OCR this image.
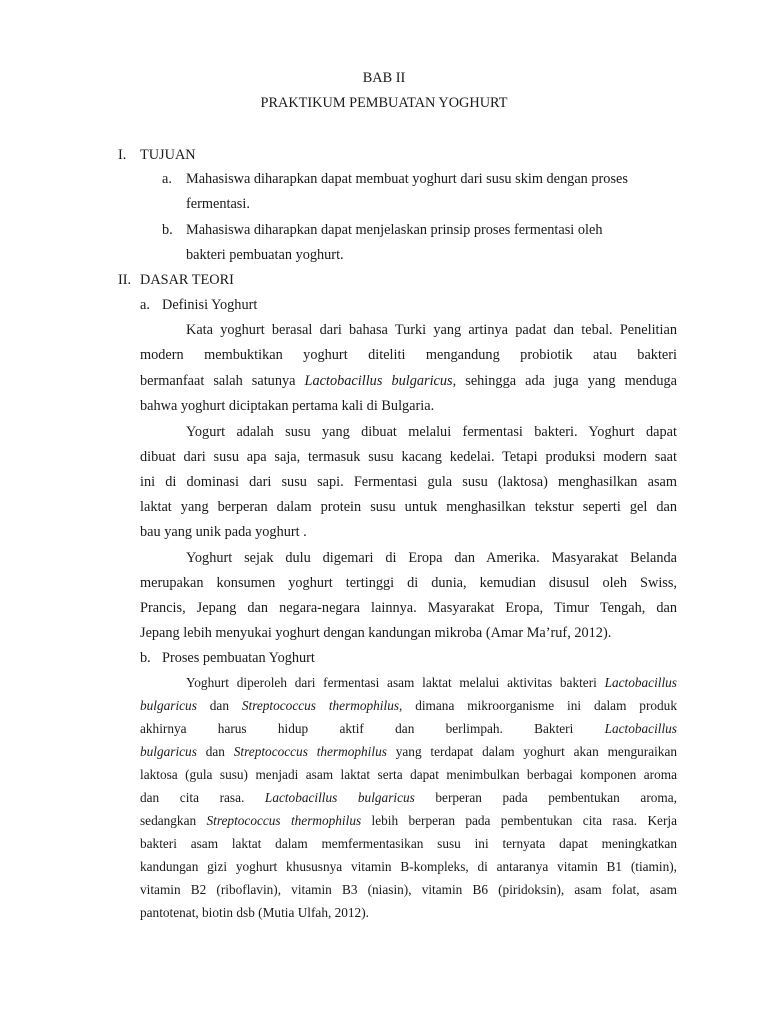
BAB II
PRAKTIKUM PEMBUATAN YOGHURT
I. TUJUAN
a. Mahasiswa diharapkan dapat membuat yoghurt dari susu skim dengan proses
fermentasi.
b. Mahasiswa diharapkan dapat menjelaskan prinsip proses fermentasi oleh
bakteri pembuatan yoghurt.
II. DASAR TEORI
a. Definisi Yoghurt
Kata yoghurt berasal dari bahasa Turki yang artinya padat dan tebal. Penelitian
modern membuktikan yoghurt diteliti mengandung probiotik atau bakteri
bermanfaat salah satunya Lactobacillus bulgaricus, sehingga ada juga yang menduga
bahwa yoghurt diciptakan pertama kali di Bulgaria.
Yogurt adalah susu yang dibuat melalui fermentasi bakteri. Yoghurt dapat
dibuat dari susu apa saja, termasuk susu kacang kedelai. Tetapi produksi modern saat
ini di dominasi dari susu sapi. Fermentasi gula susu (laktosa) menghasilkan asam
laktat yang berperan dalam protein susu untuk menghasilkan tekstur seperti gel dan
bau yang unik pada yoghurt .
Yoghurt sejak dulu digemari di Eropa dan Amerika. Masyarakat Belanda
merupakan konsumen yoghurt tertinggi di dunia, kemudian disusul oleh Swiss,
Prancis, Jepang dan negara-negara lainnya. Masyarakat Eropa, Timur Tengah, dan
Jepang lebih menyukai yoghurt dengan kandungan mikroba (Amar Ma’ruf, 2012).
b. Proses pembuatan Yoghurt
Yoghurt diperoleh dari fermentasi asam laktat melalui aktivitas bakteri Lactobacillus
bulgaricus dan Streptococcus thermophilus, dimana mikroorganisme ini dalam produk
akhirnya harus hidup aktif dan berlimpah. Bakteri Lactobacillus
bulgaricus dan Streptococcus thermophilus yang terdapat dalam yoghurt akan menguraikan
laktosa (gula susu) menjadi asam laktat serta dapat menimbulkan berbagai komponen aroma
dan cita rasa. Lactobacillus bulgaricus berperan pada pembentukan aroma,
sedangkan Streptococcus thermophilus lebih berperan pada pembentukan cita rasa. Kerja
bakteri asam laktat dalam memfermentasikan susu ini ternyata dapat meningkatkan
kandungan gizi yoghurt khususnya vitamin B-kompleks, di antaranya vitamin B1 (tiamin),
vitamin B2 (riboflavin), vitamin B3 (niasin), vitamin B6 (piridoksin), asam folat, asam
pantotenat, biotin dsb (Mutia Ulfah, 2012).
